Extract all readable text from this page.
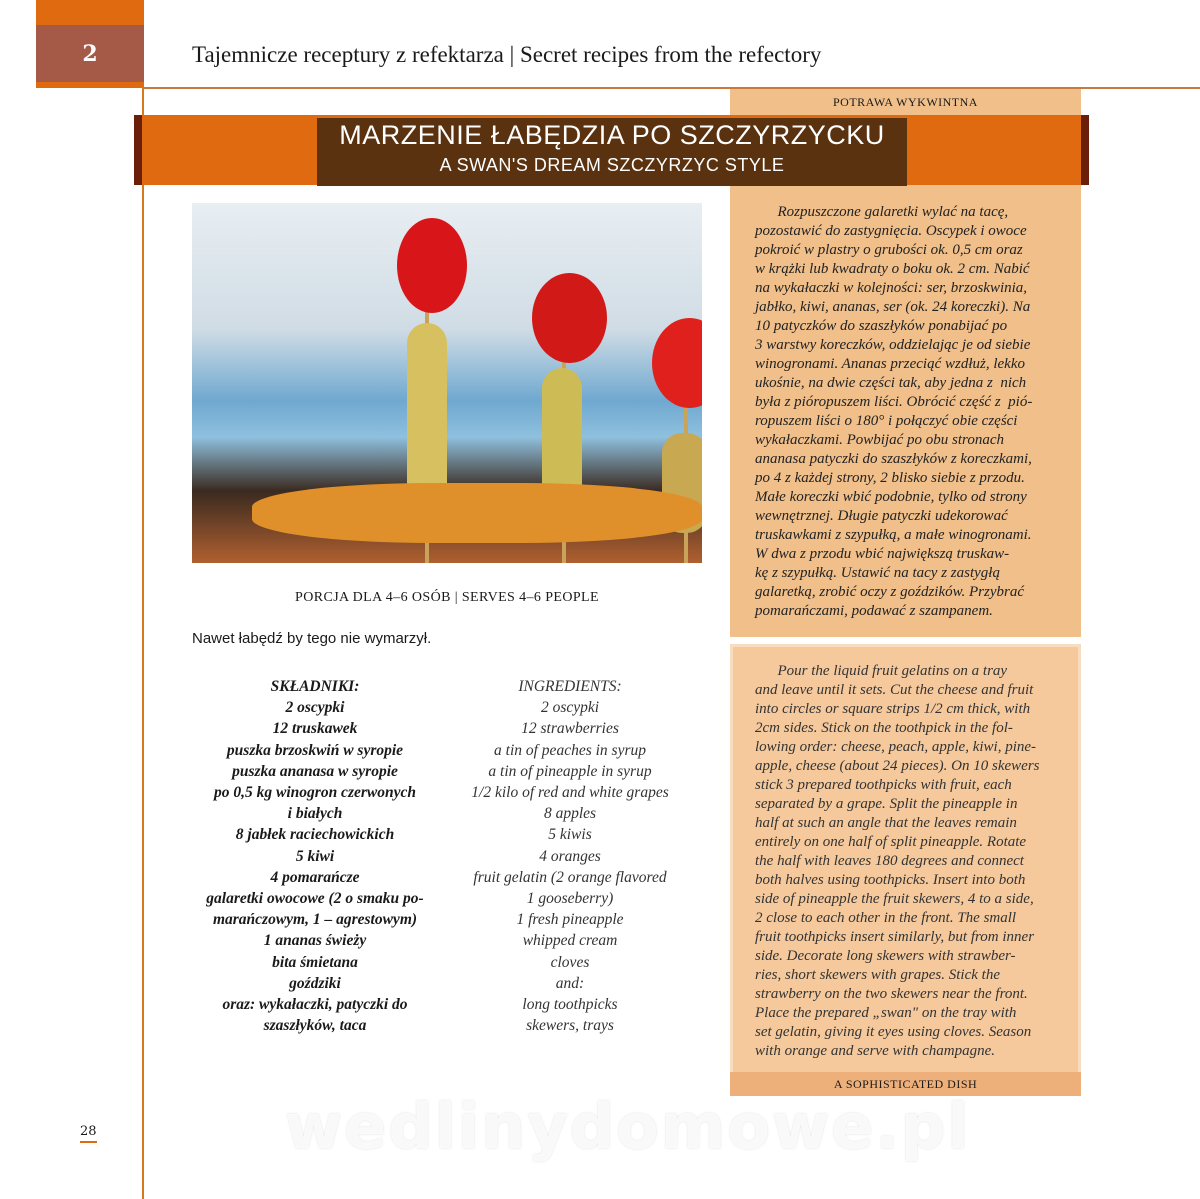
2	Tajemnicze receptury z refektarza | Secret recipes from the refectory
POTRAWA WYKWINTNA
A SOPHISTICATED DISH
MARZENIE ŁABĘDZIA PO SZCZYRZYCKU
A SWAN'S DREAM SZCZYRZYC STYLE
PORCJA DLA 4–6 OSÓB | SERVES 4–6 PEOPLE
Nawet łabędź by tego nie wymarzył.
SKŁADNIKI:
2 oscypki
12 truskawek
puszka brzoskwiń w syropie
puszka ananasa w syropie
po 0,5 kg winogron czerwonych
i białych
8 jabłek raciechowickich
5 kiwi
4 pomarańcze
galaretki owocowe (2 o smaku po-
marańczowym, 1 – agrestowym)
1 ananas świeży
bita śmietana
goździki
oraz: wykałaczki, patyczki do
szaszłyków, taca
INGREDIENTS:
2 oscypki
12 strawberries
a tin of peaches in syrup
a tin of pineapple in syrup
1/2 kilo of red and white grapes
8 apples
5 kiwis
4 oranges
fruit gelatin (2 orange flavored
1 gooseberry)
1 fresh pineapple
whipped cream
cloves
and:
long toothpicks
skewers, trays
Rozpuszczone galaretki wylać na tacę,
pozostawić do zastygnięcia. Oscypek i owoce
pokroić w plastry o grubości ok. 0,5 cm oraz
w krążki lub kwadraty o boku ok. 2 cm. Nabić
na wykałaczki w kolejności: ser, brzoskwinia,
jabłko, kiwi, ananas, ser (ok. 24 koreczki). Na
10 patyczków do szaszłyków ponabijać po
3 warstwy koreczków, oddzielając je od siebie
winogronami. Ananas przeciąć wzdłuż, lekko
ukośnie, na dwie części tak, aby jedna z  nich
była z pióropuszem liści. Obrócić część z  pió-
ropuszem liści o 180° i połączyć obie części
wykałaczkami. Powbijać po obu stronach
ananasa patyczki do szaszłyków z koreczkami,
po 4 z każdej strony, 2 blisko siebie z przodu.
Małe koreczki wbić podobnie, tylko od strony
wewnętrznej. Długie patyczki udekorować
truskawkami z szypułką, a małe winogronami.
W dwa z przodu wbić największą truskaw-
kę z szypułką. Ustawić na tacy z zastygłą
galaretką, zrobić oczy z goździków. Przybrać
pomarańczami, podawać z szampanem.
Pour the liquid fruit gelatins on a tray
and leave until it sets. Cut the cheese and fruit
into circles or square strips 1/2 cm thick, with
2cm sides. Stick on the toothpick in the fol-
lowing order: cheese, peach, apple, kiwi, pine-
apple, cheese (about 24 pieces). On 10 skewers
stick 3 prepared toothpicks with fruit, each
separated by a grape. Split the pineapple in
half at such an angle that the leaves remain
entirely on one half of split pineapple. Rotate
the half with leaves 180 degrees and connect
both halves using toothpicks. Insert into both
side of pineapple the fruit skewers, 4 to a side,
2 close to each other in the front. The small
fruit toothpicks insert similarly, but from inner
side. Decorate long skewers with strawber-
ries, short skewers with grapes. Stick the
strawberry on the two skewers near the front.
Place the prepared „swan" on the tray with
set gelatin, giving it eyes using cloves. Season
with orange and serve with champagne.
28	wedlinydomowe.pl
